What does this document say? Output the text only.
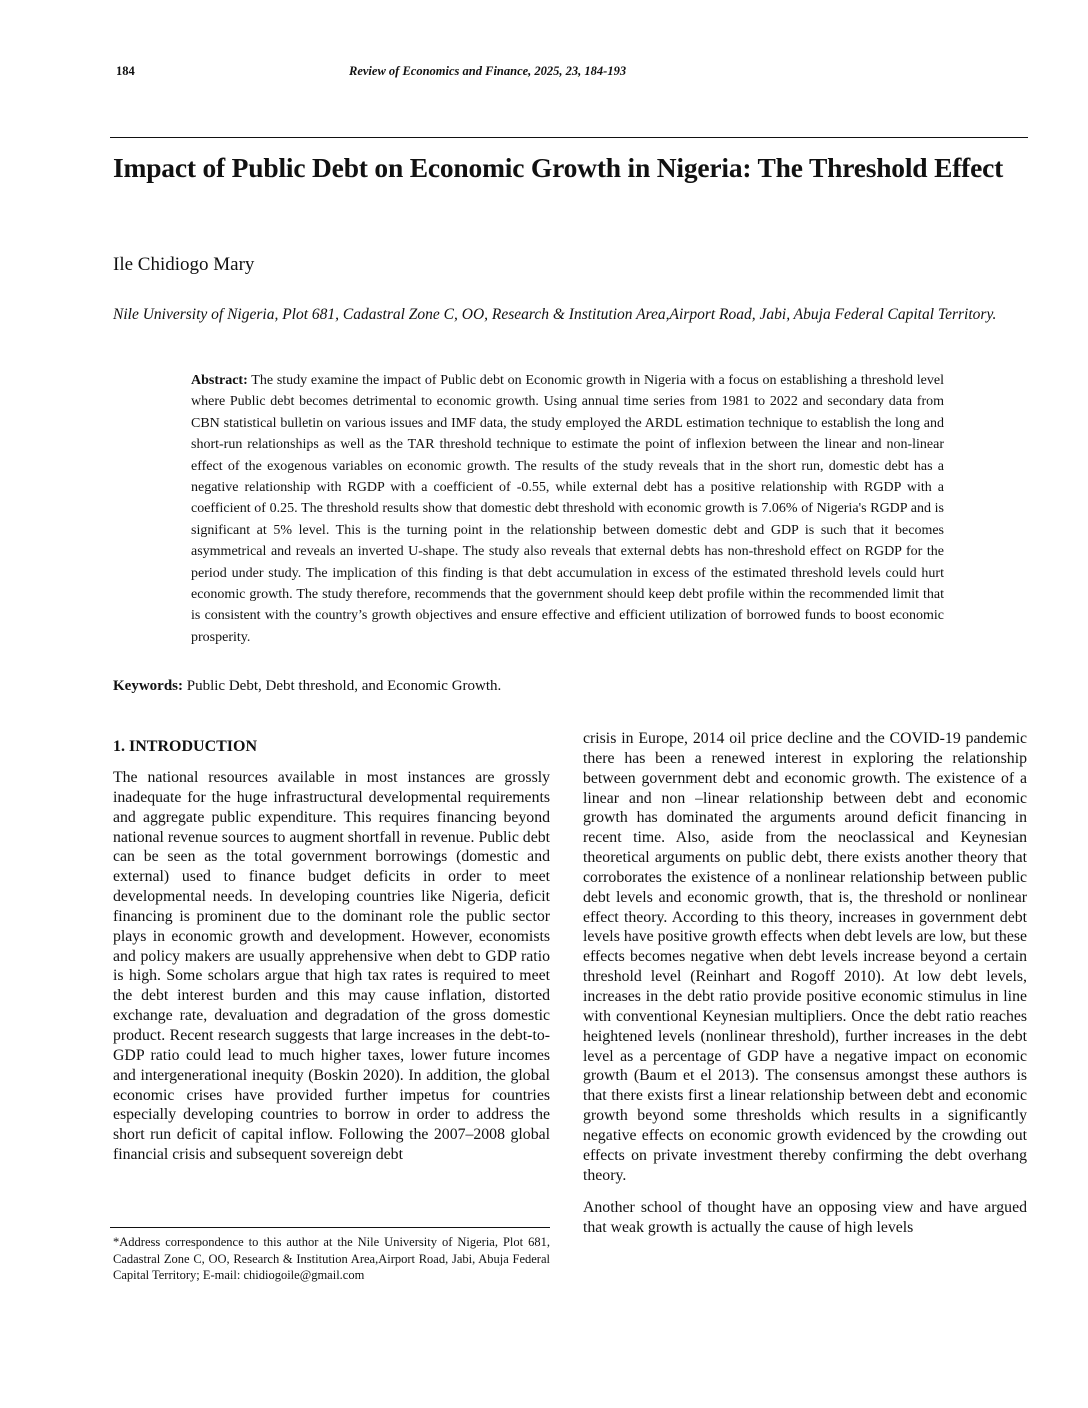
184	Review of Economics and Finance, 2025, 23, 184-193
Impact of Public Debt on Economic Growth in Nigeria: The Threshold Effect
Ile Chidiogo Mary
Nile University of Nigeria, Plot 681, Cadastral Zone C, OO, Research & Institution Area,Airport Road, Jabi, Abuja Federal Capital Territory.

Abstract: The study examine the impact of Public debt on Economic growth in Nigeria with a focus on establishing a threshold level where Public debt becomes detrimental to economic growth. Using annual time series from 1981 to 2022 and secondary data from CBN statistical bulletin on various issues and IMF data, the study employed the ARDL estimation technique to establish the long and short-run relationships as well as the TAR threshold technique to estimate the point of inflexion between the linear and non-linear effect of the exogenous variables on economic growth. The results of the study reveals that in the short run, domestic debt has a negative relationship with RGDP with a coefficient of -0.55, while external debt has a positive relationship with RGDP with a coefficient of 0.25. The threshold results show that domestic debt threshold with economic growth is 7.06% of Nigeria's RGDP and is significant at 5% level. This is the turning point in the relationship between domestic debt and GDP is such that it becomes asymmetrical and reveals an inverted U-shape. The study also reveals that external debts has non-threshold effect on RGDP for the period under study. The implication of this finding is that debt accumulation in excess of the estimated threshold levels could hurt economic growth. The study therefore, recommends that the government should keep debt profile within the recommended limit that is consistent with the country’s growth objectives and ensure effective and efficient utilization of borrowed funds to boost economic prosperity.

Keywords: Public Debt, Debt threshold, and Economic Growth.
1. INTRODUCTION

The national resources available in most instances are grossly inadequate for the huge infrastructural developmental requirements and aggregate public expenditure. This requires financing beyond national revenue sources to augment shortfall in revenue. Public debt can be seen as the total government borrowings (domestic and external) used to finance budget deficits in order to meet developmental needs. In developing countries like Nigeria, deficit financing is prominent due to the dominant role the public sector plays in economic growth and development. However, economists and policy makers are usually apprehensive when debt to GDP ratio is high. Some scholars argue that high tax rates is required to meet the debt interest burden and this may cause inflation, distorted exchange rate, devaluation and degradation of the gross domestic product. Recent research suggests that large increases in the debt-to-GDP ratio could lead to much higher taxes, lower future incomes and intergenerational inequity (Boskin 2020). In addition, the global economic crises have provided further impetus for countries especially developing countries to borrow in order to address the short run deficit of capital inflow. Following the 2007–2008 global financial crisis and subsequent sovereign debt

crisis in Europe, 2014 oil price decline and the COVID-19 pandemic there has been a renewed interest in exploring the relationship between government debt and economic growth. The existence of a linear and non –linear relationship between debt and economic growth has dominated the arguments around deficit financing in recent time. Also, aside from the neoclassical and Keynesian theoretical arguments on public debt, there exists another theory that corroborates the existence of a nonlinear relationship between public debt levels and economic growth, that is, the threshold or nonlinear effect theory. According to this theory, increases in government debt levels have positive growth effects when debt levels are low, but these effects becomes negative when debt levels increase beyond a certain threshold level (Reinhart and Rogoff 2010). At low debt levels, increases in the debt ratio provide positive economic stimulus in line with conventional Keynesian multipliers. Once the debt ratio reaches heightened levels (nonlinear threshold), further increases in the debt level as a percentage of GDP have a negative impact on economic growth (Baum et el 2013). The consensus amongst these authors is that there exists first a linear relationship between debt and economic growth beyond some thresholds which results in a significantly negative effects on economic growth evidenced by the crowding out effects on private investment thereby confirming the debt overhang theory.

Another school of thought have an opposing view and have argued that weak growth is actually the cause of high levels

*Address correspondence to this author at the Nile University of Nigeria, Plot 681, Cadastral Zone C, OO, Research & Institution Area,Airport Road, Jabi, Abuja Federal Capital Territory; E-mail: chidiogoile@gmail.com
